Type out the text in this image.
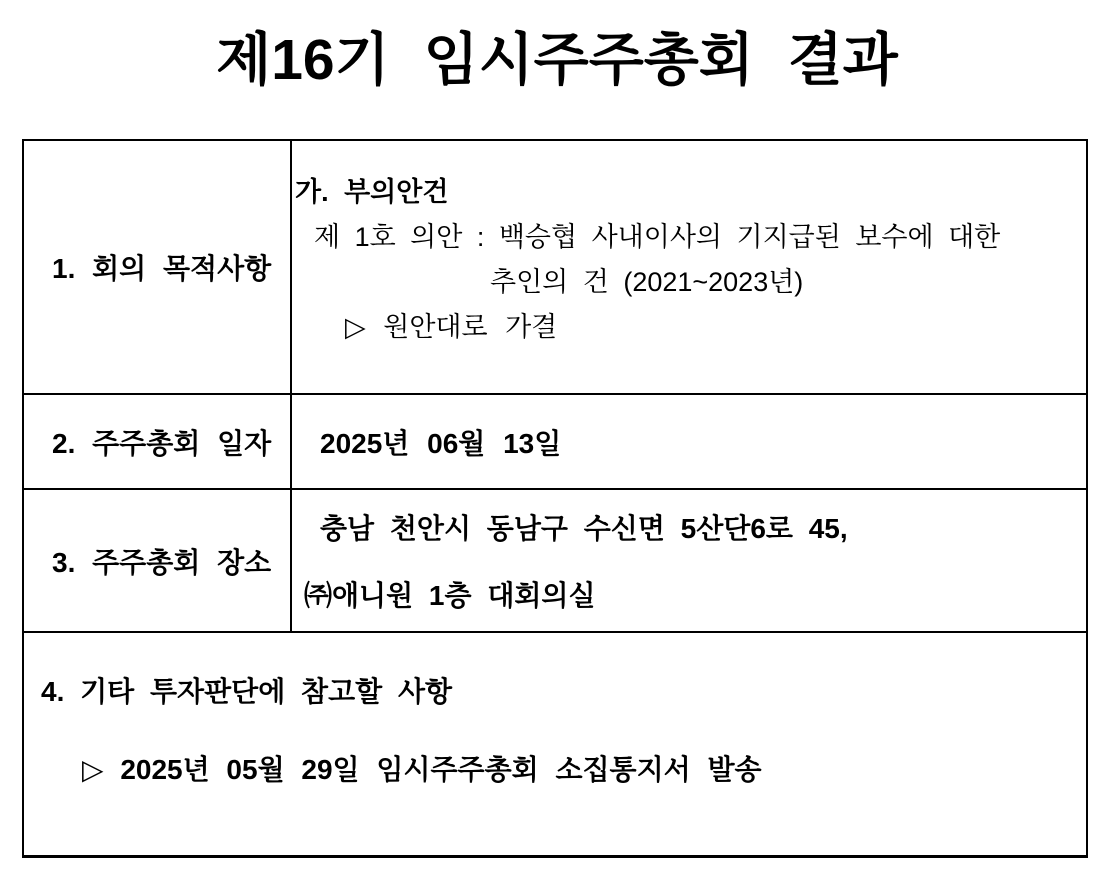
제16기 임시주주총회 결과
1. 회의 목적사항
가. 부의안건
제 1호 의안 : 백승협 사내이사의 기지급된 보수에 대한
추인의 건 (2021~2023년)
▷ 원안대로 가결
2. 주주총회 일자	2025년 06월 13일
3. 주주총회 장소
충남 천안시 동남구 수신면 5산단6로 45,
㈜애니원 1층 대회의실
4. 기타 투자판단에 참고할 사항
▷ 2025년 05월 29일 임시주주총회 소집통지서 발송
